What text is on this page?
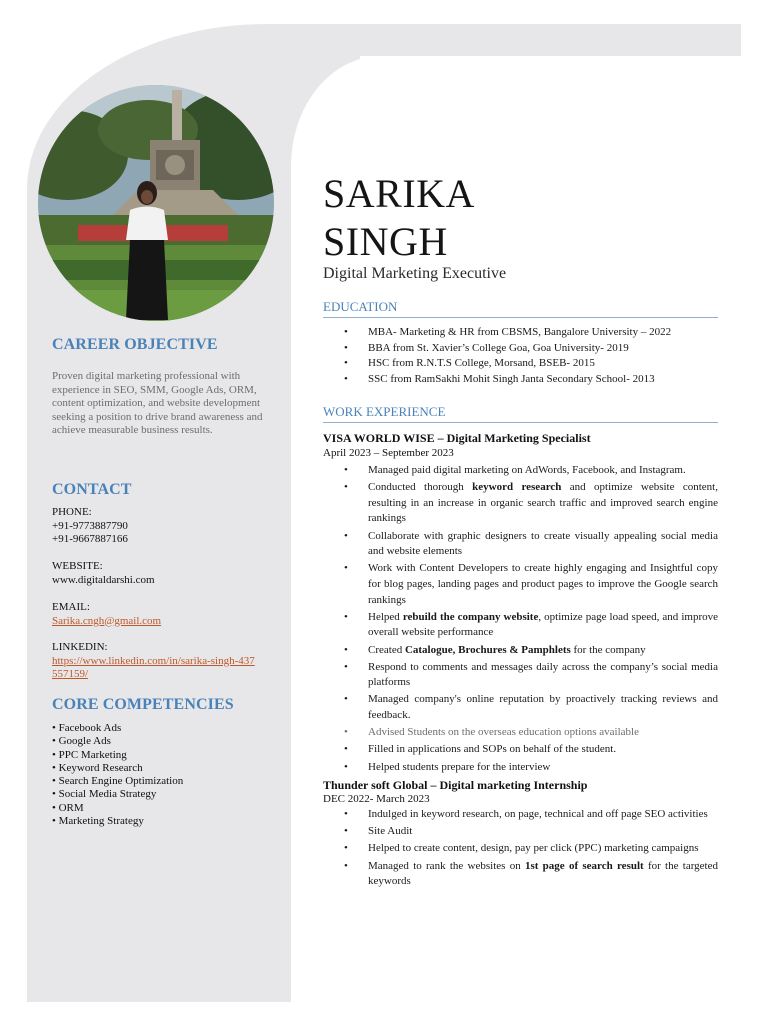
CAREER OBJECTIVE

Proven digital marketing professional with experience in SEO, SMM, Google Ads, ORM, content optimization, and website development seeking a position to drive brand awareness and achieve measurable business results.

CONTACT
PHONE:
+91-9773887790
+91-9667887166
WEBSITE:
www.digitaldarshi.com
EMAIL:
Sarika.cngh@gmail.com
LINKEDIN:
https://www.linkedin.com/in/sarika-singh-437557159/
CORE COMPETENCIES
• Facebook Ads
• Google Ads
• PPC Marketing
• Keyword Research
• Search Engine Optimization
• Social Media Strategy
• ORM
• Marketing Strategy
SARIKA
SINGH
Digital Marketing Executive
EDUCATION
• MBA- Marketing & HR from CBSMS, Bangalore University – 2022
• BBA from St. Xavier’s College Goa, Goa University- 2019
• HSC from R.N.T.S College, Morsand, BSEB- 2015
• SSC from RamSakhi Mohit Singh Janta Secondary School- 2013
WORK EXPERIENCE
VISA WORLD WISE – Digital Marketing Specialist
April 2023 – September 2023
• Managed paid digital marketing on AdWords, Facebook, and Instagram.
• Conducted thorough keyword research and optimize website content, resulting in an increase in organic search traffic and improved search engine rankings
• Collaborate with graphic designers to create visually appealing social media and website elements
• Work with Content Developers to create highly engaging and Insightful copy for blog pages, landing pages and product pages to improve the Google search rankings
• Helped rebuild the company website, optimize page load speed, and improve overall website performance
• Created Catalogue, Brochures & Pamphlets for the company
• Respond to comments and messages daily across the company’s social media platforms
• Managed company's online reputation by proactively tracking reviews and feedback.
• Advised Students on the overseas education options available
• Filled in applications and SOPs on behalf of the student.
• Helped students prepare for the interview
Thunder soft Global – Digital marketing Internship
DEC 2022- March 2023
• Indulged in keyword research, on page, technical and off page SEO activities
• Site Audit
• Helped to create content, design, pay per click (PPC) marketing campaigns
• Managed to rank the websites on 1st page of search result for the targeted keywords
